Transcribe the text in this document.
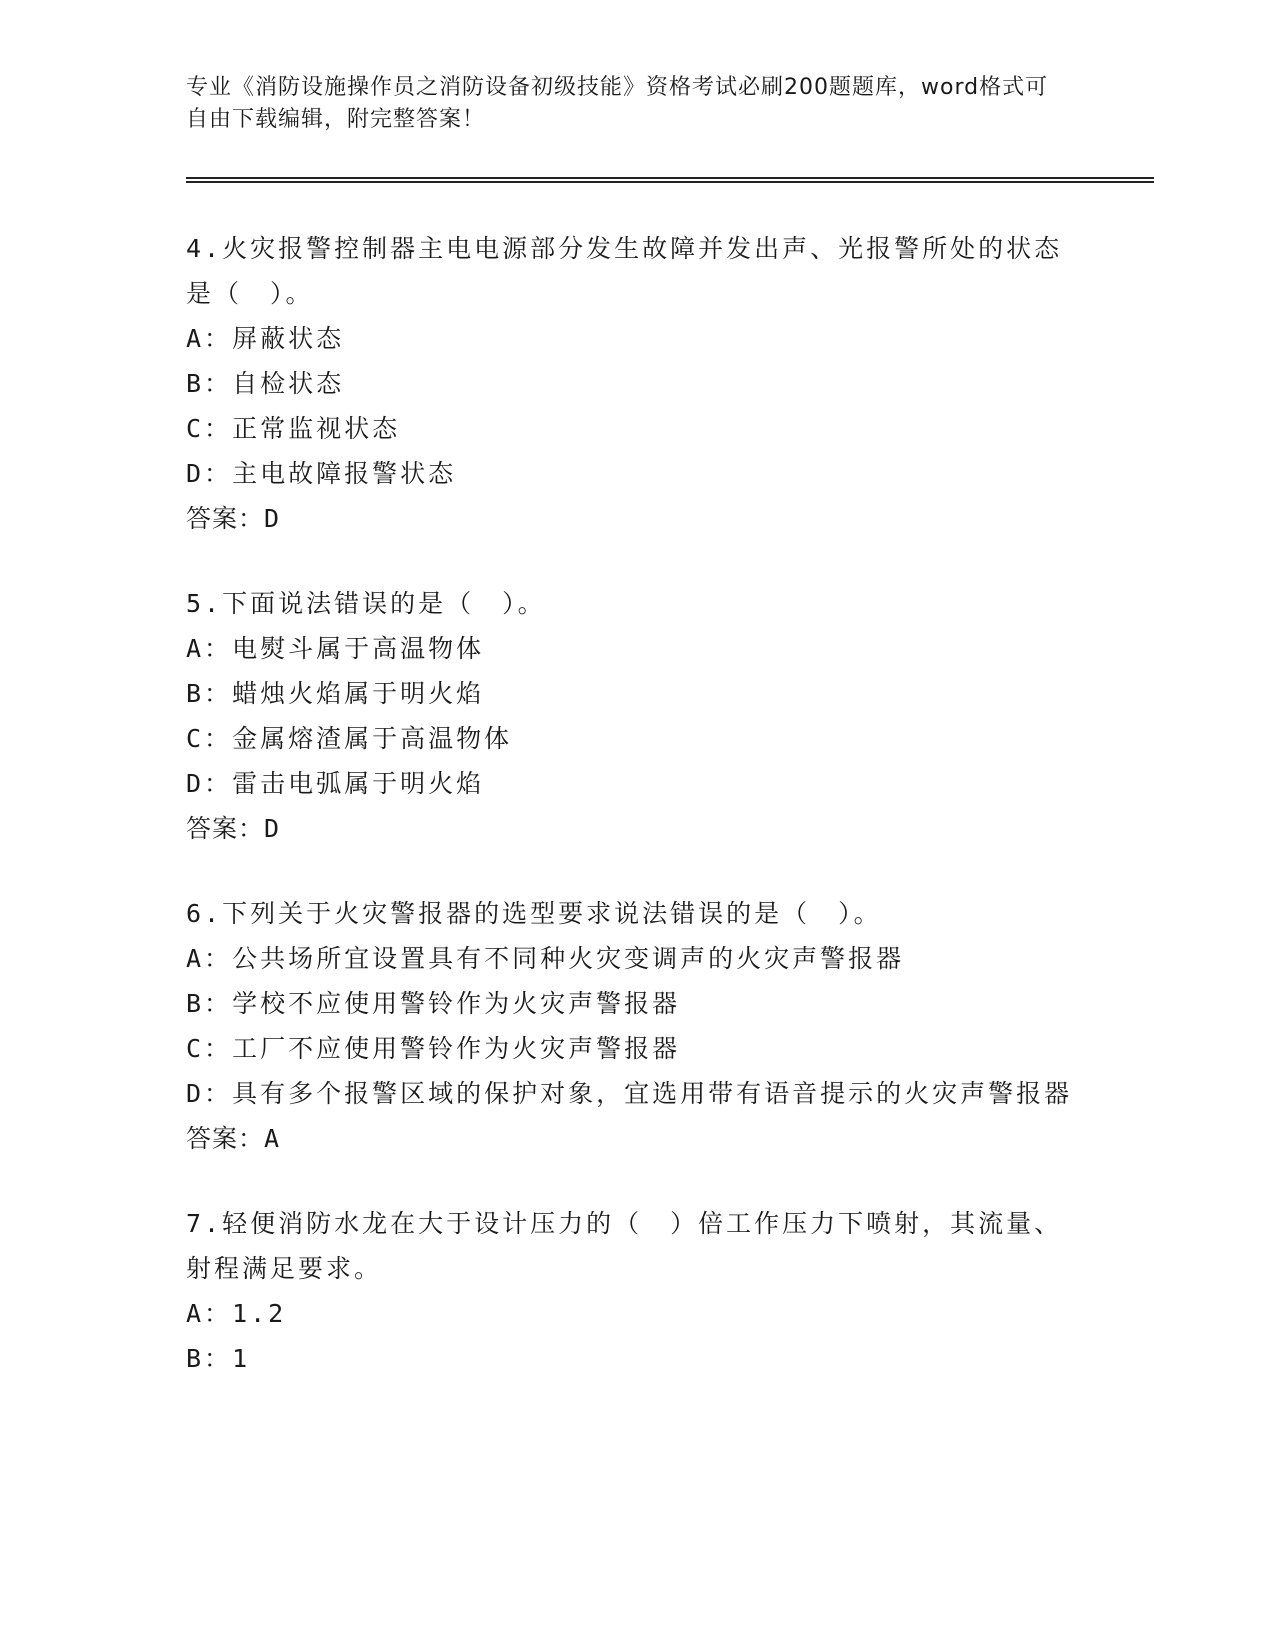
专业《消防设施操作员之消防设备初级技能》资格考试必刷200题题库，word格式可自由下载编辑，附完整答案！

4.火灾报警控制器主电电源部分发生故障并发出声、光报警所处的状态是（　）。

A： 屏蔽状态
B： 自检状态
C： 正常监视状态
D： 主电故障报警状态

答案：D

5.下面说法错误的是（　）。

A： 电熨斗属于高温物体
B： 蜡烛火焰属于明火焰
C： 金属熔渣属于高温物体
D： 雷击电弧属于明火焰

答案：D

6.下列关于火灾警报器的选型要求说法错误的是（　）。

A： 公共场所宜设置具有不同种火灾变调声的火灾声警报器
B： 学校不应使用警铃作为火灾声警报器
C： 工厂不应使用警铃作为火灾声警报器
D： 具有多个报警区域的保护对象，宜选用带有语音提示的火灾声警报器

答案：A

7.轻便消防水龙在大于设计压力的（　）倍工作压力下喷射，其流量、射程满足要求。

A： 1.2
B： 1
